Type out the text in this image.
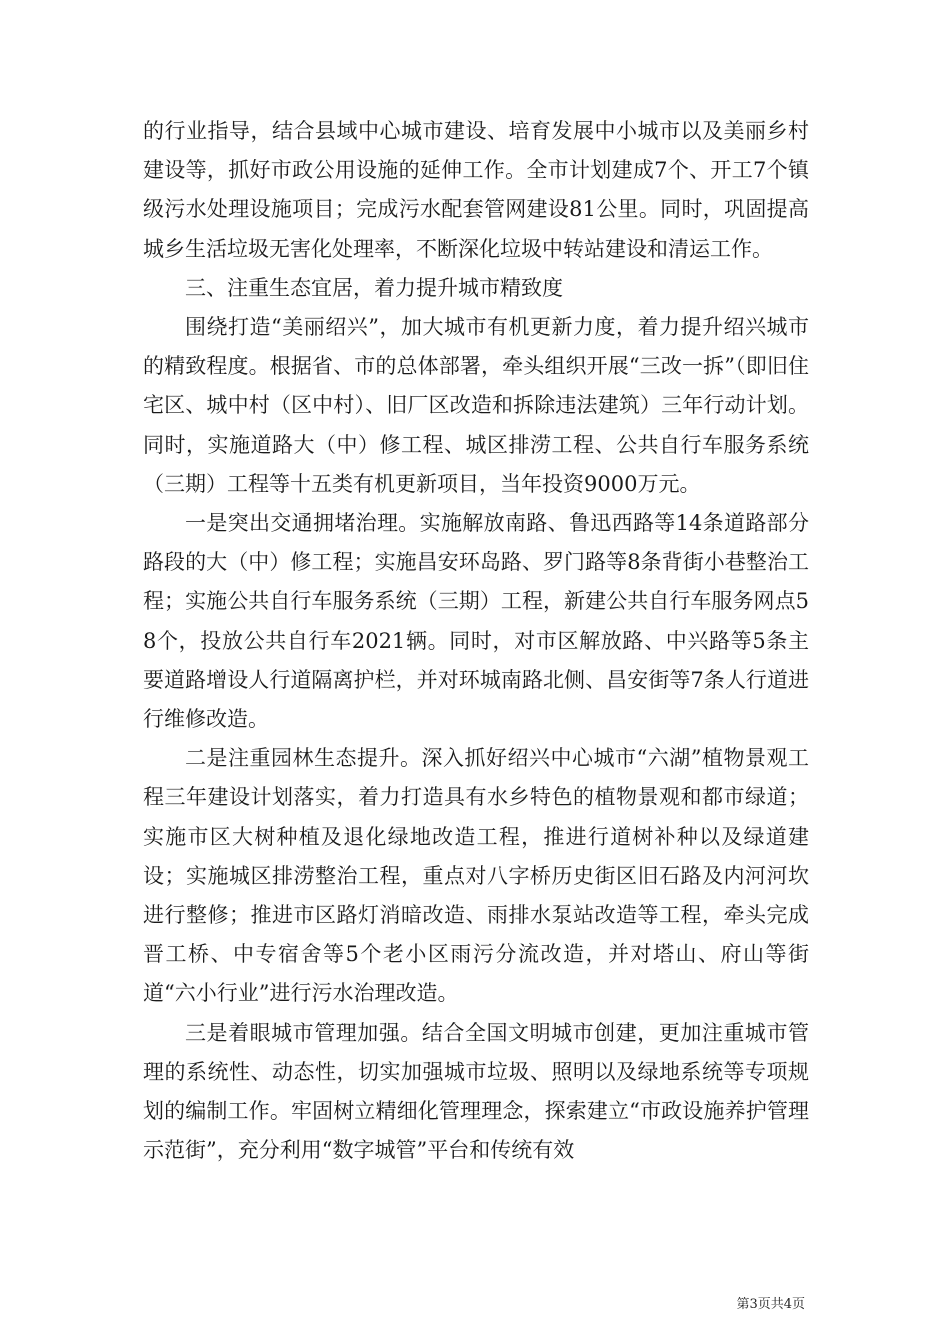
的行业指导，结合县域中心城市建设、培育发展中小城市以及美丽乡村建设等，抓好市政公用设施的延伸工作。全市计划建成7个、开工7个镇级污水处理设施项目；完成污水配套管网建设81公里。同时，巩固提高城乡生活垃圾无害化处理率，不断深化垃圾中转站建设和清运工作。

三、注重生态宜居，着力提升城市精致度

围绕打造“美丽绍兴”，加大城市有机更新力度，着力提升绍兴城市的精致程度。根据省、市的总体部署，牵头组织开展“三改一拆”（即旧住宅区、城中村（区中村）、旧厂区改造和拆除违法建筑）三年行动计划。同时，实施道路大（中）修工程、城区排涝工程、公共自行车服务系统（三期）工程等十五类有机更新项目，当年投资9000万元。

一是突出交通拥堵治理。实施解放南路、鲁迅西路等14条道路部分路段的大（中）修工程；实施昌安环岛路、罗门路等8条背街小巷整治工程；实施公共自行车服务系统（三期）工程，新建公共自行车服务网点58个，投放公共自行车2021辆。同时，对市区解放路、中兴路等5条主要道路增设人行道隔离护栏，并对环城南路北侧、昌安街等7条人行道进行维修改造。

二是注重园林生态提升。深入抓好绍兴中心城市“六湖”植物景观工程三年建设计划落实，着力打造具有水乡特色的植物景观和都市绿道；实施市区大树种植及退化绿地改造工程，推进行道树补种以及绿道建设；实施城区排涝整治工程，重点对八字桥历史街区旧石路及内河河坎进行整修；推进市区路灯消暗改造、雨排水泵站改造等工程，牵头完成晋工桥、中专宿舍等5个老小区雨污分流改造，并对塔山、府山等街道“六小行业”进行污水治理改造。

三是着眼城市管理加强。结合全国文明城市创建，更加注重城市管理的系统性、动态性，切实加强城市垃圾、照明以及绿地系统等专项规划的编制工作。牢固树立精细化管理理念，探索建立“市政设施养护管理示范街”，充分利用“数字城管”平台和传统有效

第3页共4页
